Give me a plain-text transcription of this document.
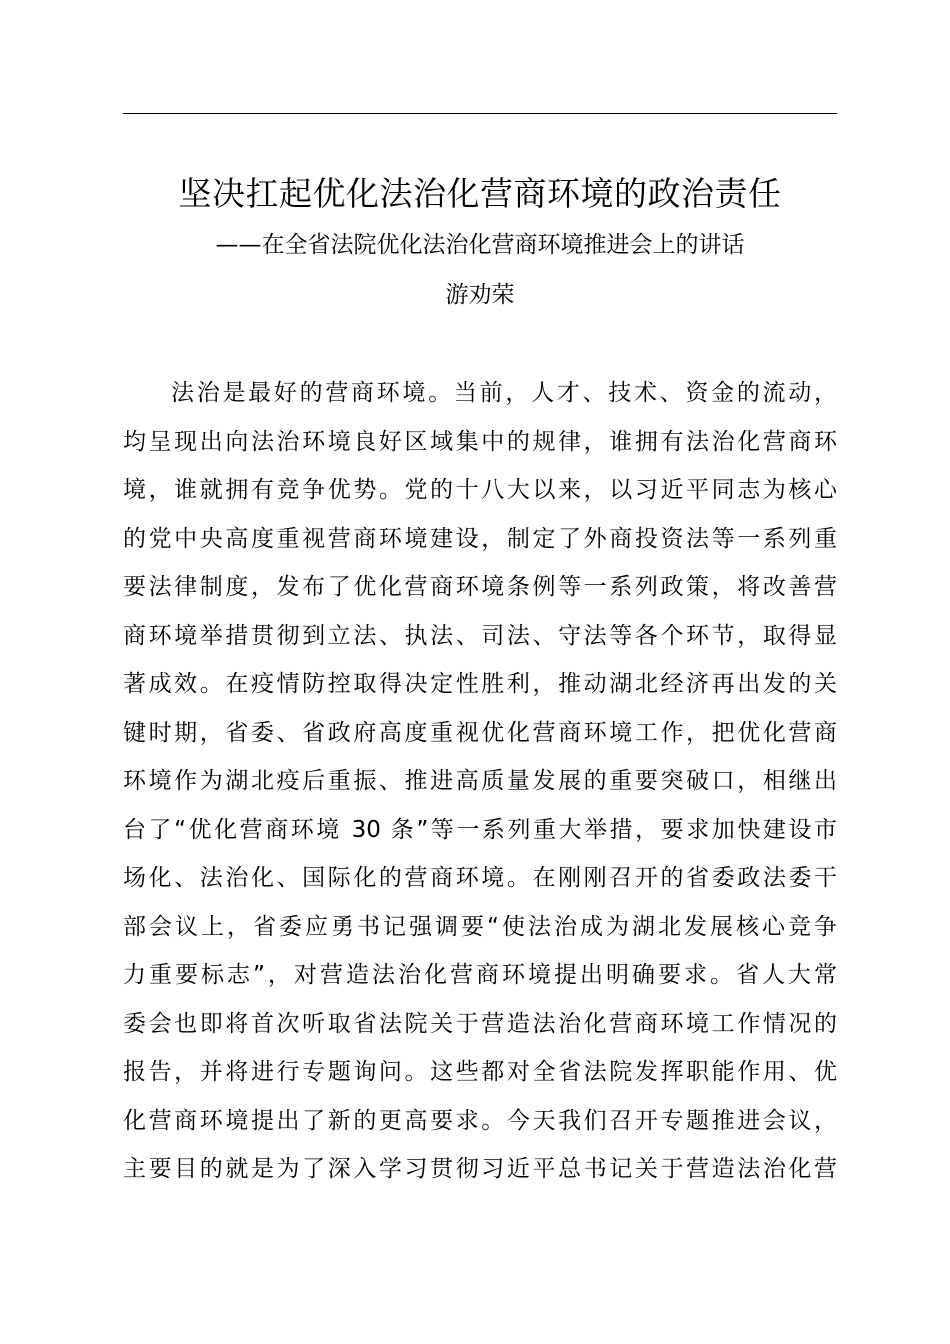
坚决扛起优化法治化营商环境的政治责任

——在全省法院优化法治化营商环境推进会上的讲话

游劝荣

法治是最好的营商环境。当前，人才、技术、资金的流动，
均呈现出向法治环境良好区域集中的规律，谁拥有法治化营商环
境，谁就拥有竞争优势。党的十八大以来，以习近平同志为核心
的党中央高度重视营商环境建设，制定了外商投资法等一系列重
要法律制度，发布了优化营商环境条例等一系列政策，将改善营
商环境举措贯彻到立法、执法、司法、守法等各个环节，取得显
著成效。在疫情防控取得决定性胜利，推动湖北经济再出发的关
键时期，省委、省政府高度重视优化营商环境工作，把优化营商
环境作为湖北疫后重振、推进高质量发展的重要突破口，相继出
台了“优化营商环境 30 条”等一系列重大举措，要求加快建设市
场化、法治化、国际化的营商环境。在刚刚召开的省委政法委干
部会议上，省委应勇书记强调要“使法治成为湖北发展核心竞争
力重要标志”，对营造法治化营商环境提出明确要求。省人大常
委会也即将首次听取省法院关于营造法治化营商环境工作情况的
报告，并将进行专题询问。这些都对全省法院发挥职能作用、优
化营商环境提出了新的更高要求。今天我们召开专题推进会议，
主要目的就是为了深入学习贯彻习近平总书记关于营造法治化营
